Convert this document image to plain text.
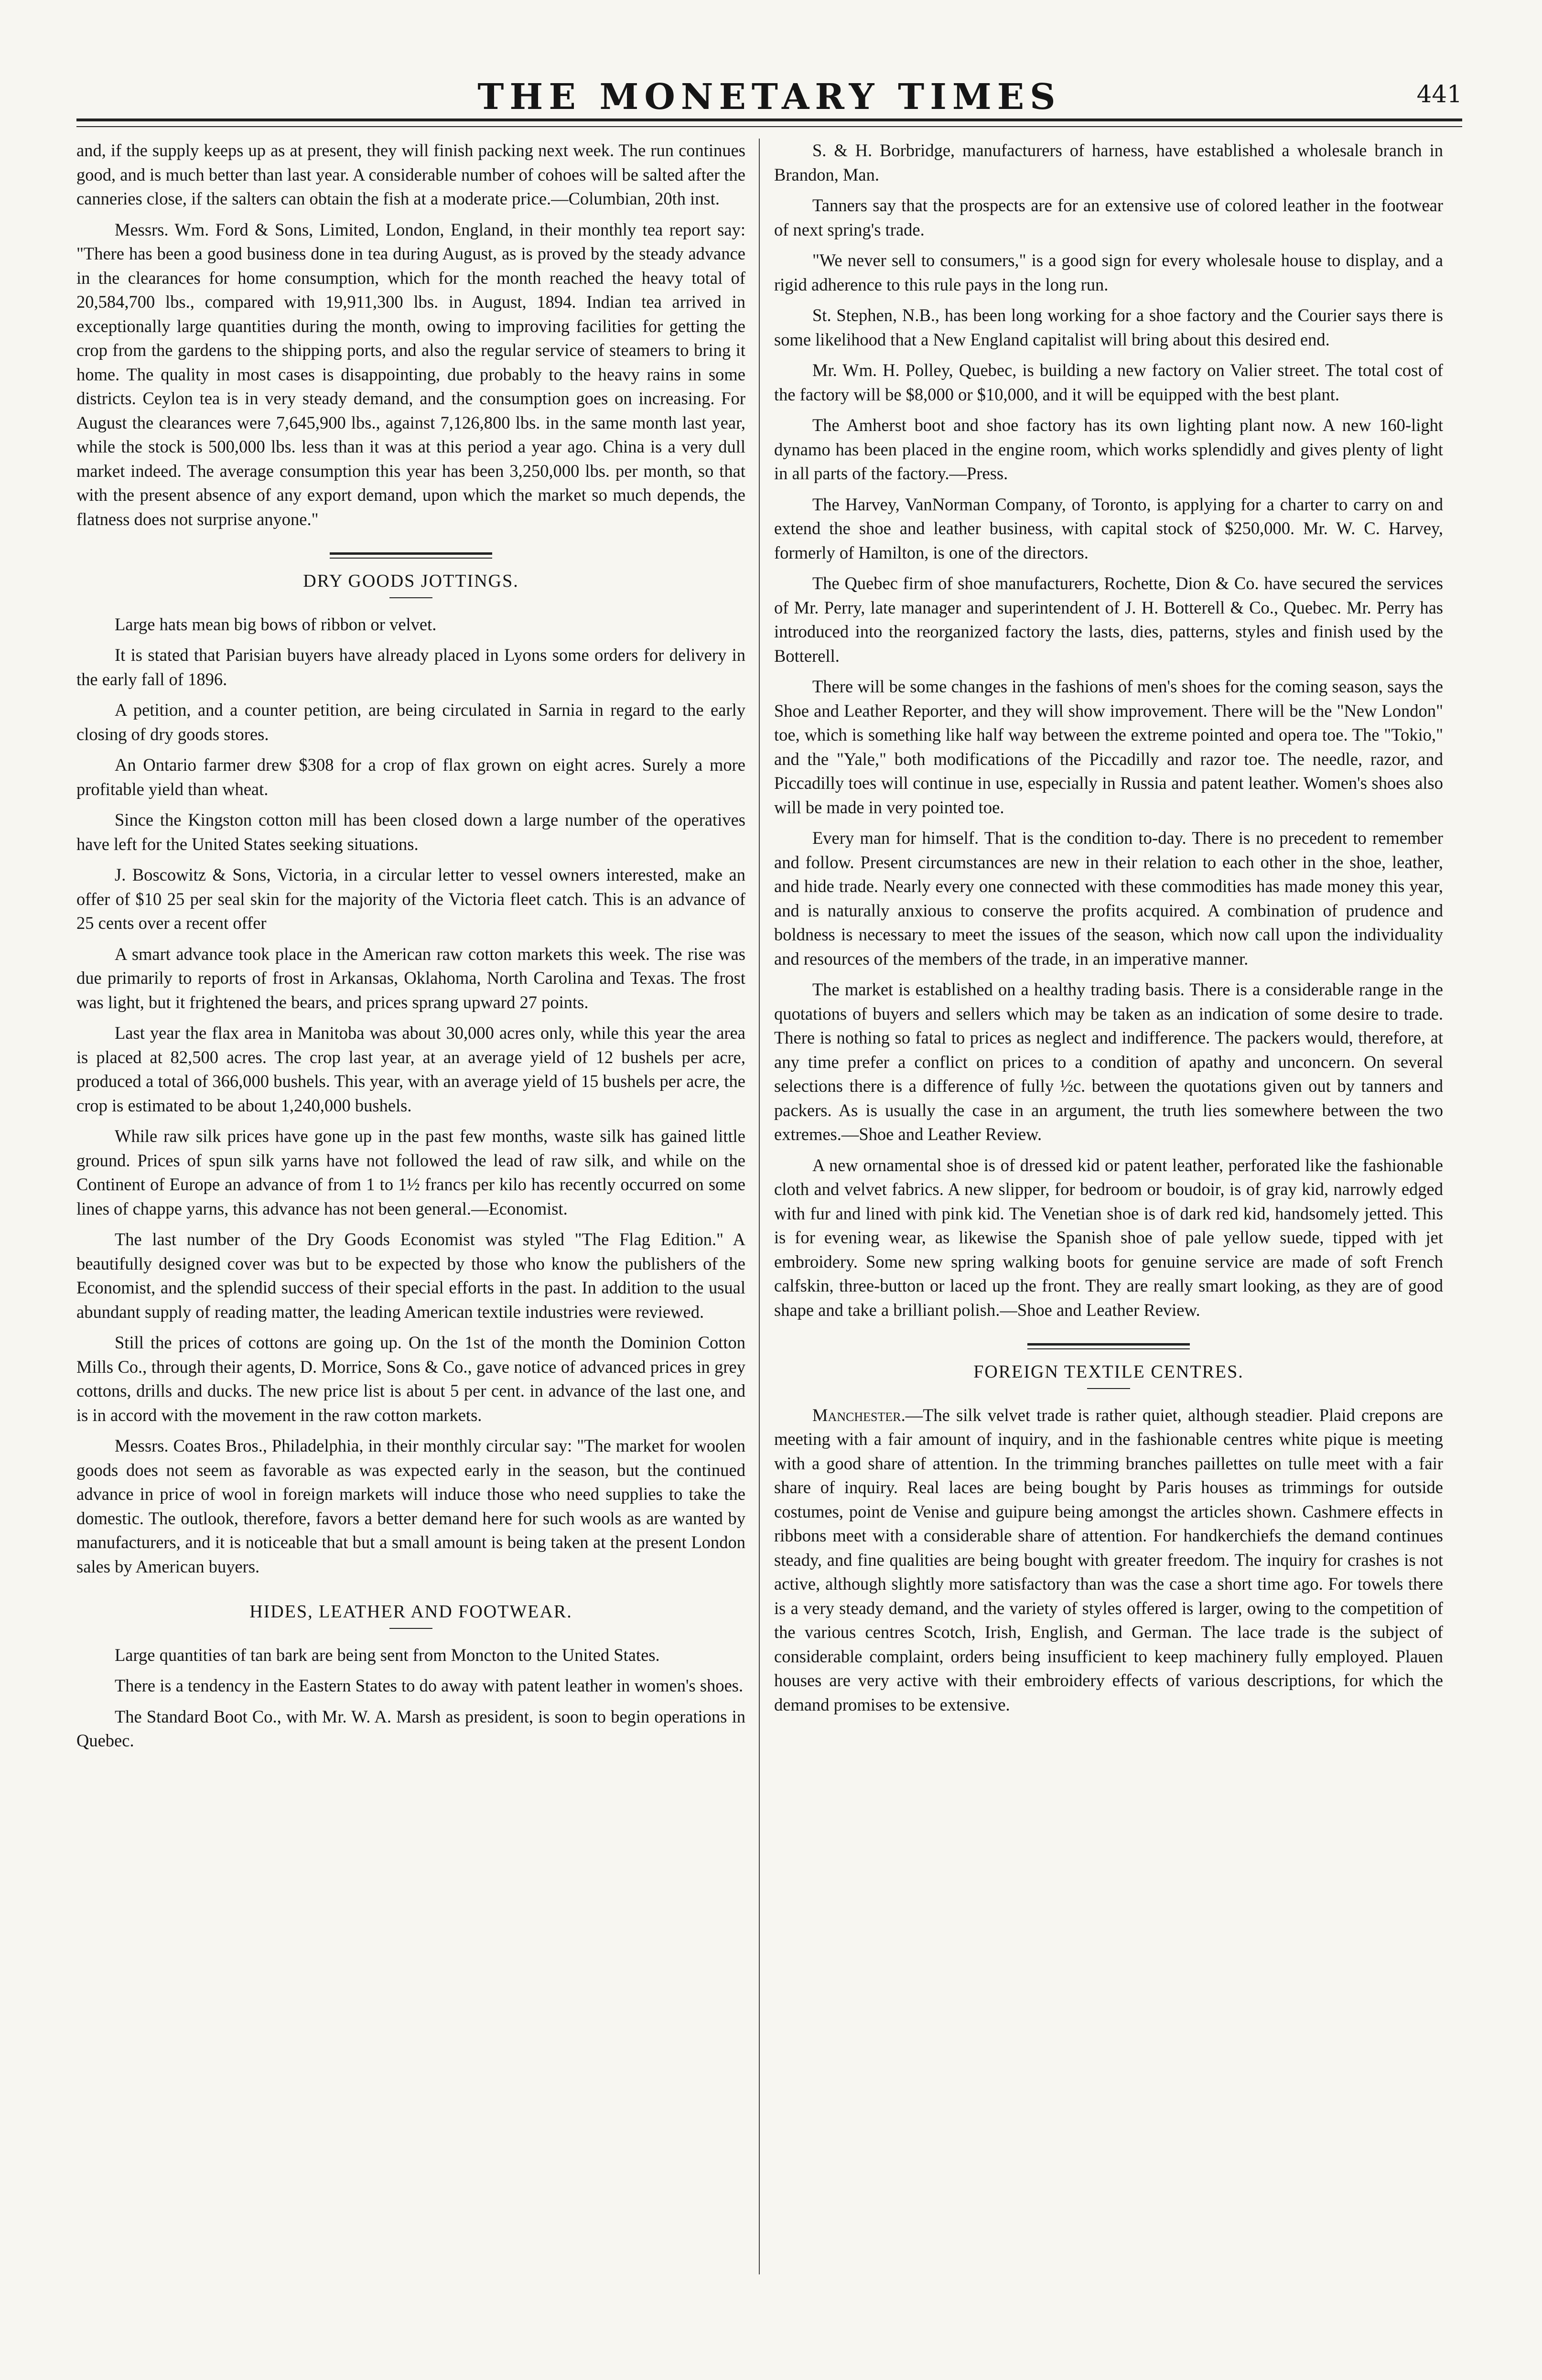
THE MONETARY TIMES	441

and, if the supply keeps up as at present, they will finish packing next week. The run continues good, and is much better than last year. A considerable number of cohoes will be salted after the canneries close, if the salters can obtain the fish at a moderate price.—Columbian, 20th inst.

Messrs. Wm. Ford & Sons, Limited, London, England, in their monthly tea report say: "There has been a good business done in tea during August, as is proved by the steady advance in the clearances for home consumption, which for the month reached the heavy total of 20,584,700 lbs., compared with 19,911,300 lbs. in August, 1894. Indian tea arrived in exceptionally large quantities during the month, owing to improving facilities for getting the crop from the gardens to the shipping ports, and also the regular service of steamers to bring it home. The quality in most cases is disappointing, due probably to the heavy rains in some districts. Ceylon tea is in very steady demand, and the consumption goes on increasing. For August the clearances were 7,645,900 lbs., against 7,126,800 lbs. in the same month last year, while the stock is 500,000 lbs. less than it was at this period a year ago. China is a very dull market indeed. The average consumption this year has been 3,250,000 lbs. per month, so that with the present absence of any export demand, upon which the market so much depends, the flatness does not surprise anyone."

DRY GOODS JOTTINGS.

Large hats mean big bows of ribbon or velvet.

It is stated that Parisian buyers have already placed in Lyons some orders for delivery in the early fall of 1896.

A petition, and a counter petition, are being circulated in Sarnia in regard to the early closing of dry goods stores.

An Ontario farmer drew $308 for a crop of flax grown on eight acres. Surely a more profitable yield than wheat.

Since the Kingston cotton mill has been closed down a large number of the operatives have left for the United States seeking situations.

J. Boscowitz & Sons, Victoria, in a circular letter to vessel owners interested, make an offer of $10 25 per seal skin for the majority of the Victoria fleet catch. This is an advance of 25 cents over a recent offer

A smart advance took place in the American raw cotton markets this week. The rise was due primarily to reports of frost in Arkansas, Oklahoma, North Carolina and Texas. The frost was light, but it frightened the bears, and prices sprang upward 27 points.

Last year the flax area in Manitoba was about 30,000 acres only, while this year the area is placed at 82,500 acres. The crop last year, at an average yield of 12 bushels per acre, produced a total of 366,000 bushels. This year, with an average yield of 15 bushels per acre, the crop is estimated to be about 1,240,000 bushels.

While raw silk prices have gone up in the past few months, waste silk has gained little ground. Prices of spun silk yarns have not followed the lead of raw silk, and while on the Continent of Europe an advance of from 1 to 1½ francs per kilo has recently occurred on some lines of chappe yarns, this advance has not been general.—Economist.

The last number of the Dry Goods Economist was styled "The Flag Edition." A beautifully designed cover was but to be expected by those who know the publishers of the Economist, and the splendid success of their special efforts in the past. In addition to the usual abundant supply of reading matter, the leading American textile industries were reviewed.

Still the prices of cottons are going up. On the 1st of the month the Dominion Cotton Mills Co., through their agents, D. Morrice, Sons & Co., gave notice of advanced prices in grey cottons, drills and ducks. The new price list is about 5 per cent. in advance of the last one, and is in accord with the movement in the raw cotton markets.

Messrs. Coates Bros., Philadelphia, in their monthly circular say: "The market for woolen goods does not seem as favorable as was expected early in the season, but the continued advance in price of wool in foreign markets will induce those who need supplies to take the domestic. The outlook, therefore, favors a better demand here for such wools as are wanted by manufacturers, and it is noticeable that but a small amount is being taken at the present London sales by American buyers.

HIDES, LEATHER AND FOOTWEAR.

Large quantities of tan bark are being sent from Moncton to the United States.

There is a tendency in the Eastern States to do away with patent leather in women's shoes.

The Standard Boot Co., with Mr. W. A. Marsh as president, is soon to begin operations in Quebec.

S. & H. Borbridge, manufacturers of harness, have established a wholesale branch in Brandon, Man.

Tanners say that the prospects are for an extensive use of colored leather in the footwear of next spring's trade.

"We never sell to consumers," is a good sign for every wholesale house to display, and a rigid adherence to this rule pays in the long run.

St. Stephen, N.B., has been long working for a shoe factory and the Courier says there is some likelihood that a New England capitalist will bring about this desired end.

Mr. Wm. H. Polley, Quebec, is building a new factory on Valier street. The total cost of the factory will be $8,000 or $10,000, and it will be equipped with the best plant.

The Amherst boot and shoe factory has its own lighting plant now. A new 160-light dynamo has been placed in the engine room, which works splendidly and gives plenty of light in all parts of the factory.—Press.

The Harvey, VanNorman Company, of Toronto, is applying for a charter to carry on and extend the shoe and leather business, with capital stock of $250,000. Mr. W. C. Harvey, formerly of Hamilton, is one of the directors.

The Quebec firm of shoe manufacturers, Rochette, Dion & Co. have secured the services of Mr. Perry, late manager and superintendent of J. H. Botterell & Co., Quebec. Mr. Perry has introduced into the reorganized factory the lasts, dies, patterns, styles and finish used by the Botterell.

There will be some changes in the fashions of men's shoes for the coming season, says the Shoe and Leather Reporter, and they will show improvement. There will be the "New London" toe, which is something like half way between the extreme pointed and opera toe. The "Tokio," and the "Yale," both modifications of the Piccadilly and razor toe. The needle, razor, and Piccadilly toes will continue in use, especially in Russia and patent leather. Women's shoes also will be made in very pointed toe.

Every man for himself. That is the condition to-day. There is no precedent to remember and follow. Present circumstances are new in their relation to each other in the shoe, leather, and hide trade. Nearly every one connected with these commodities has made money this year, and is naturally anxious to conserve the profits acquired. A combination of prudence and boldness is necessary to meet the issues of the season, which now call upon the individuality and resources of the members of the trade, in an imperative manner.

The market is established on a healthy trading basis. There is a considerable range in the quotations of buyers and sellers which may be taken as an indication of some desire to trade. There is nothing so fatal to prices as neglect and indifference. The packers would, therefore, at any time prefer a conflict on prices to a condition of apathy and unconcern. On several selections there is a difference of fully ½c. between the quotations given out by tanners and packers. As is usually the case in an argument, the truth lies somewhere between the two extremes.—Shoe and Leather Review.

A new ornamental shoe is of dressed kid or patent leather, perforated like the fashionable cloth and velvet fabrics. A new slipper, for bedroom or boudoir, is of gray kid, narrowly edged with fur and lined with pink kid. The Venetian shoe is of dark red kid, handsomely jetted. This is for evening wear, as likewise the Spanish shoe of pale yellow suede, tipped with jet embroidery. Some new spring walking boots for genuine service are made of soft French calfskin, three-button or laced up the front. They are really smart looking, as they are of good shape and take a brilliant polish.—Shoe and Leather Review.

FOREIGN TEXTILE CENTRES.

Manchester.—The silk velvet trade is rather quiet, although steadier. Plaid crepons are meeting with a fair amount of inquiry, and in the fashionable centres white pique is meeting with a good share of attention. In the trimming branches paillettes on tulle meet with a fair share of inquiry. Real laces are being bought by Paris houses as trimmings for outside costumes, point de Venise and guipure being amongst the articles shown. Cashmere effects in ribbons meet with a considerable share of attention. For handkerchiefs the demand continues steady, and fine qualities are being bought with greater freedom. The inquiry for crashes is not active, although slightly more satisfactory than was the case a short time ago. For towels there is a very steady demand, and the variety of styles offered is larger, owing to the competition of the various centres Scotch, Irish, English, and German. The lace trade is the subject of considerable complaint, orders being insufficient to keep machinery fully employed. Plauen houses are very active with their embroidery effects of various descriptions, for which the demand promises to be extensive.
